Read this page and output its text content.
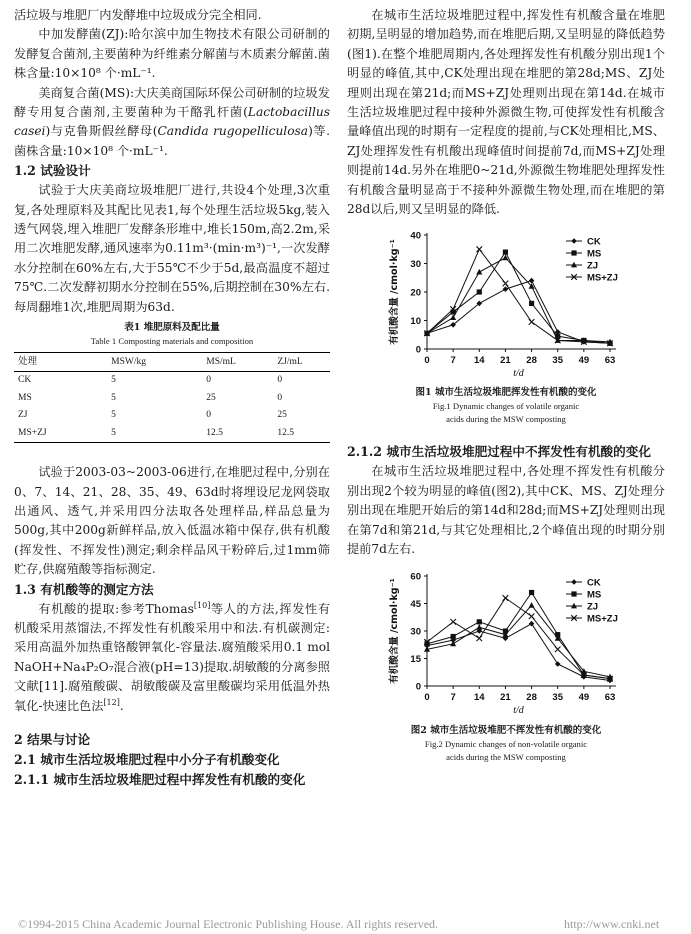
活垃圾与堆肥厂内发酵堆中垃圾成分完全相同.

中加发酵菌(ZJ):哈尔滨中加生物技术有限公司研制的发酵复合菌剂,主要菌种为纤维素分解菌与木质素分解菌.菌株含量:10×10⁸ 个·mL⁻¹.

美商复合菌(MS):大庆美商国际环保公司研制的垃圾发酵专用复合菌剂,主要菌种为干酪乳杆菌(Lactobacillus casei)与克鲁斯假丝酵母(Candida rugopelliculosa)等.菌株含量:10×10⁸ 个·mL⁻¹.

1.2 试验设计

试验于大庆美商垃圾堆肥厂进行,共设4个处理,3次重复,各处理原料及其配比见表1,每个处理生活垃圾5kg,装入透气网袋,埋入堆肥厂发酵条形堆中,堆长150m,高2.2m,采用二次堆肥发酵,通风速率为0.11m³·(min·m³)⁻¹,一次发酵水分控制在60%左右,大于55℃不少于5d,最高温度不超过75℃.二次发酵初期水分控制在55%,后期控制在30%左右.每周翻堆1次,堆肥周期为63d.

表1 堆肥原料及配比量
Table 1 Composting materials and composition
处理	MSW/kg	MS/mL	ZJ/mL
CK	5	0	0
MS	5	25	0
ZJ	5	0	25
MS+ZJ	5	12.5	12.5

试验于2003-03~2003-06进行,在堆肥过程中,分别在0、7、14、21、28、35、49、63d时将埋设尼龙网袋取出通风、透气,并采用四分法取各处理样品,样品总量为500g,其中200g新鲜样品,放入低温冰箱中保存,供有机酸(挥发性、不挥发性)测定;剩余样品风干粉碎后,过1mm筛贮存,供腐殖酸等指标测定.

1.3 有机酸等的测定方法

有机酸的提取:参考Thomas[10]等人的方法,挥发性有机酸采用蒸馏法,不挥发性有机酸采用中和法.有机碳测定:采用高温外加热重铬酸钾氧化-容量法.腐殖酸采用0.1 mol NaOH+Na₄P₂O₇混合液(pH=13)提取.胡敏酸的分离参照文献[11].腐殖酸碳、胡敏酸碳及富里酸碳均采用低温外热氧化-快速比色法[12].

2 结果与讨论
2.1 城市生活垃圾堆肥过程中小分子有机酸变化
2.1.1 城市生活垃圾堆肥过程中挥发性有机酸的变化

在城市生活垃圾堆肥过程中,挥发性有机酸含量在堆肥初期,呈明显的增加趋势,而在堆肥后期,又呈明显的降低趋势(图1).在整个堆肥周期内,各处理挥发性有机酸分别出现1个明显的峰值,其中,CK处理出现在堆肥的第28d;MS、ZJ处理则出现在第21d;而MS+ZJ处理则出现在第14d.在城市生活垃圾堆肥过程中接种外源微生物,可使挥发性有机酸含量峰值出现的时期有一定程度的提前,与CK处理相比,MS、ZJ处理挥发性有机酸出现峰值时间提前7d,而MS+ZJ处理则提前14d.另外在堆肥0~21d,外源微生物堆肥处理挥发性有机酸含量明显高于不接种外源微生物处理,而在堆肥的第28d以后,则又呈明显的降低.

0
10
20
30
40
0 7 14 21 28 35 49 63
t/d
有机酸含量 /cmol·kg⁻¹	CK
MS
ZJ
MS+ZJ
图1 城市生活垃圾堆肥挥发性有机酸的变化
Fig.1 Dynamic changes of volatile organic
acids during the MSW composting
2.1.2 城市生活垃圾堆肥过程中不挥发性有机酸的变化

在城市生活垃圾堆肥过程中,各处理不挥发性有机酸分别出现2个较为明显的峰值(图2),其中CK、MS、ZJ处理分别出现在堆肥开始后的第14d和28d;而MS+ZJ处理则出现在第7d和第21d,与其它处理相比,2个峰值出现的时期分别提前7d左右.

0
15
30
45
60
0 7 14 21 28 35 49 63
t/d
有机酸含量 /cmol·kg⁻¹	CK
MS
ZJ
MS+ZJ
图2 城市生活垃圾堆肥不挥发性有机酸的变化
Fig.2 Dynamic changes of non-volatile organic
acids during the MSW composting
©1994-2015 China Academic Journal Electronic Publishing House. All rights reserved.	http://www.cnki.net
